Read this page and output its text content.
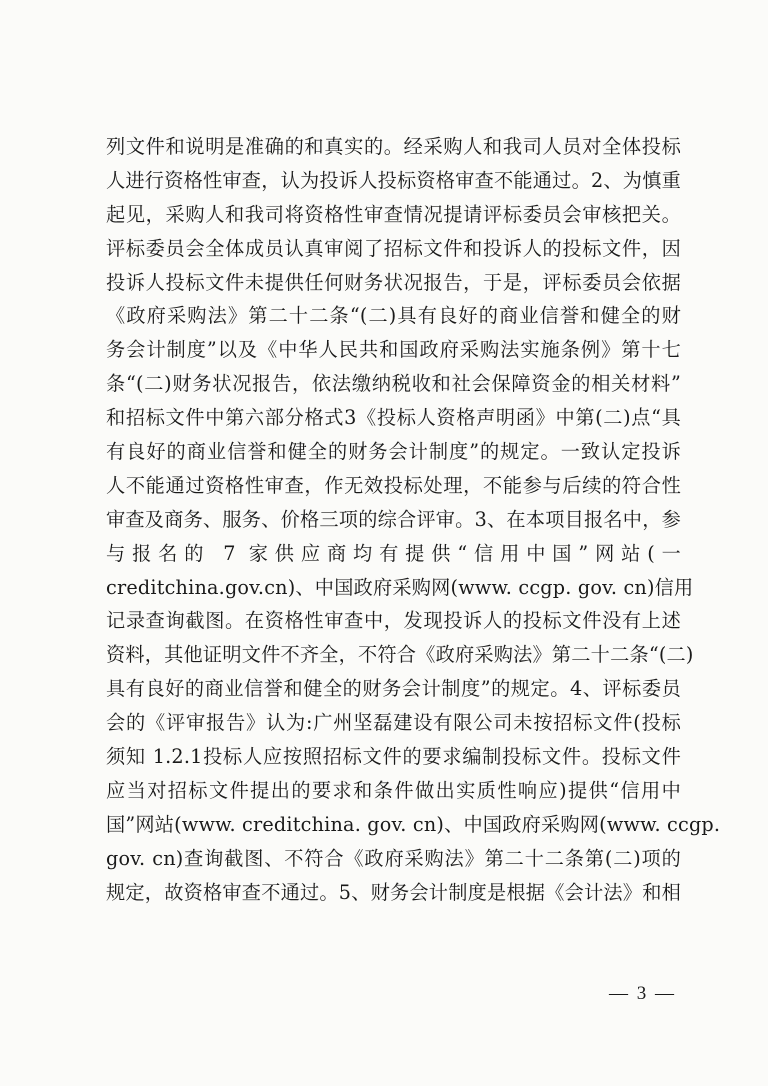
列文件和说明是准确的和真实的。经采购人和我司人员对全体投标
人进行资格性审查，认为投诉人投标资格审查不能通过。2、为慎重
起见，采购人和我司将资格性审查情况提请评标委员会审核把关。
评标委员会全体成员认真审阅了招标文件和投诉人的投标文件，因
投诉人投标文件未提供任何财务状况报告，于是，评标委员会依据
《政府采购法》第二十二条“(二)具有良好的商业信誉和健全的财
务会计制度”以及《中华人民共和国政府采购法实施条例》第十七
条“(二)财务状况报告，依法缴纳税收和社会保障资金的相关材料”
和招标文件中第六部分格式3《投标人资格声明函》中第(二)点“具
有良好的商业信誉和健全的财务会计制度”的规定。一致认定投诉
人不能通过资格性审查，作无效投标处理，不能参与后续的符合性
审查及商务、服务、价格三项的综合评审。3、在本项目报名中，参
与报名的 7 家供应商均有提供“信用中国”网站(一
creditchina.gov.cn)、中国政府采购网(www. ccgp. gov. cn)信用
记录查询截图。在资格性审查中，发现投诉人的投标文件没有上述
资料，其他证明文件不齐全，不符合《政府采购法》第二十二条“(二)
具有良好的商业信誉和健全的财务会计制度”的规定。4、评标委员
会的《评审报告》认为:广州坚磊建设有限公司未按招标文件(投标
须知 1.2.1投标人应按照招标文件的要求编制投标文件。投标文件
应当对招标文件提出的要求和条件做出实质性响应)提供“信用中
国”网站(www. creditchina. gov. cn)、中国政府采购网(www. ccgp.
gov. cn)查询截图、不符合《政府采购法》第二十二条第(二)项的
规定，故资格审查不通过。5、财务会计制度是根据《会计法》和相
— 3 —
